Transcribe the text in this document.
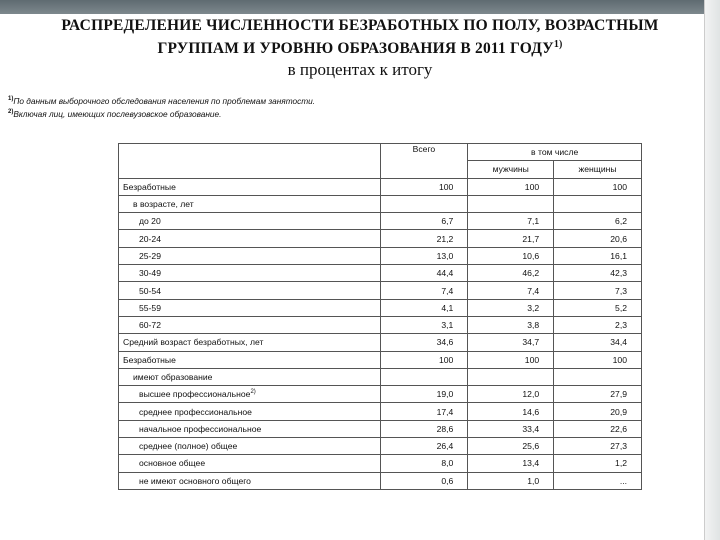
РАСПРЕДЕЛЕНИЕ ЧИСЛЕННОСТИ БЕЗРАБОТНЫХ ПО ПОЛУ, ВОЗРАСТНЫМ
ГРУППАМ И УРОВНЮ ОБРАЗОВАНИЯ В 2011 ГОДУ$^{1)}$
в процентах к итогу
$^{1)}$По данным выборочного обследования населения по проблемам занятости.
$^{2)}$Включая лиц, имеющих послевузовское образование.
	Всего	в том числе	
		мужчины	женщины
Безработные	100	100	100
в возрасте, лет			
до 20	6,7	7,1	6,2
20-24	21,2	21,7	20,6
25-29	13,0	10,6	16,1
30-49	44,4	46,2	42,3
50-54	7,4	7,4	7,3
55-59	4,1	3,2	5,2
60-72	3,1	3,8	2,3
Средний возраст безработных, лет	34,6	34,7	34,4
Безработные	100	100	100
имеют образование			
высшее профессиональное$^{2)}$	19,0	12,0	27,9
среднее профессиональное	17,4	14,6	20,9
начальное профессиональное	28,6	33,4	22,6
среднее (полное) общее	26,4	25,6	27,3
основное общее	8,0	13,4	1,2
не имеют основного общего	0,6	1,0	...
